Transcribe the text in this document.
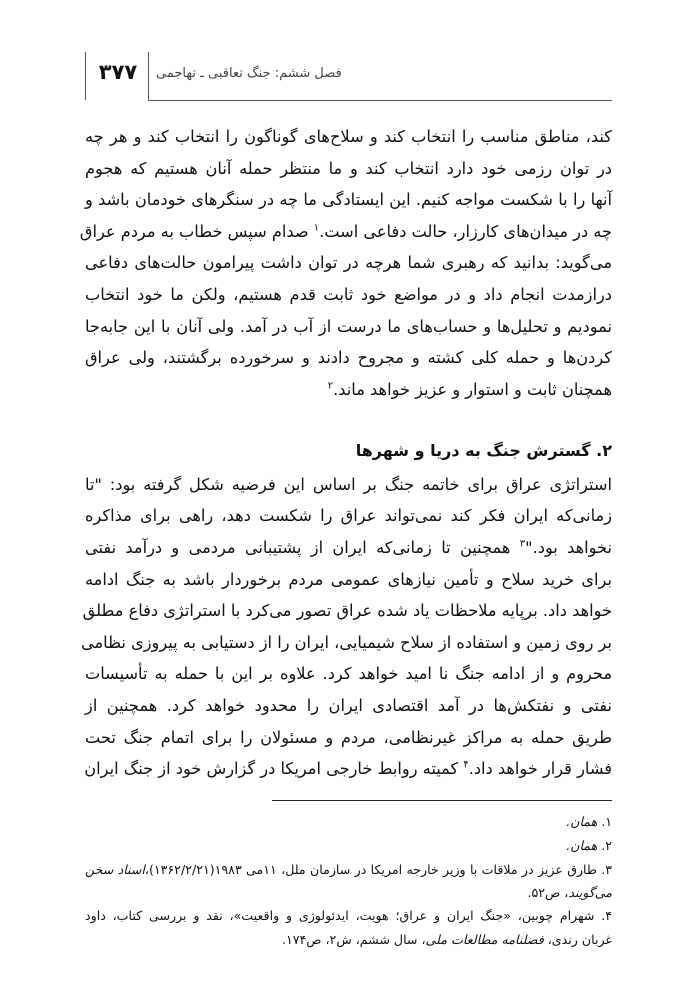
۳۷۷	فصل ششم: جنگ تعاقبی ـ تهاجمی
کند، مناطق مناسب را انتخاب کند و سلاح‌های گوناگون را انتخاب کند و هر چه
در توان رزمی خود دارد انتخاب کند و ما منتظر حمله آنان هستیم که هجوم
آنها را با شکست مواجه کنیم. این ایستادگی ما چه در سنگرهای خودمان باشد و
چه در میدان‌های کارزار، حالت دفاعی است.$^۱$ صدام سپس خطاب به مردم عراق
می‌گوید: بدانید که رهبری شما هرچه در توان داشت پیرامون حالت‌های دفاعی
درازمدت انجام داد و در مواضع خود ثابت قدم هستیم، ولکن ما خود انتخاب
نمودیم و تحلیل‌ها و حساب‌های ما درست از آب در آمد. ولی آنان با این جابه‌جا
کردن‌ها و حمله کلی کشته و مجروح دادند و سرخورده برگشتند، ولی عراق
همچنان ثابت و استوار و عزیز خواهد ماند.$^۲$
۲. گسترش جنگ به دریا و شهرها
استراتژی عراق برای خاتمه جنگ بر اساس این فرضیه شکل گرفته بود: "تا
زمانی‌که ایران فکر کند نمی‌تواند عراق را شکست دهد، راهی برای مذاکره
نخواهد بود."$^۳$ همچنین تا زمانی‌که ایران از پشتیبانی مردمی و درآمد نفتی
برای خرید سلاح و تأمین نیازهای عمومی مردم برخوردار باشد به جنگ ادامه
خواهد داد. برپایه ملاحظات یاد شده عراق تصور می‌کرد با استراتژی دفاع مطلق
بر روی زمین و استفاده از سلاح شیمیایی، ایران را از دستیابی به پیروزی نظامی
محروم و از ادامه جنگ نا امید خواهد کرد. علاوه بر این با حمله به تأسیسات
نفتی و نفتکش‌ها در آمد اقتصادی ایران را محدود خواهد کرد. همچنین از
طریق حمله به مراکز غیرنظامی، مردم و مسئولان را برای اتمام جنگ تحت
فشار قرار خواهد داد.$^۴$ کمیته روابط خارجی امریکا در گزارش خود از جنگ ایران
۱. همان.
۲. همان.
۳. طارق عزیز در ملاقات با وزیر خارجه امریکا در سازمان ملل، ۱۱می ۱۹۸۳(۱۳۶۲/۲/۲۱)،اسناد سخن
می‌گویند، ص۵۲.
۴. شهرام چوبین، «جنگ ایران و عراق؛ هویت، ایدئولوژی و واقعیت»، نقد و بررسی کتاب، داود
غربان رندی، فصلنامه مطالعات ملی، سال ششم، ش۲، ص۱۷۴.
